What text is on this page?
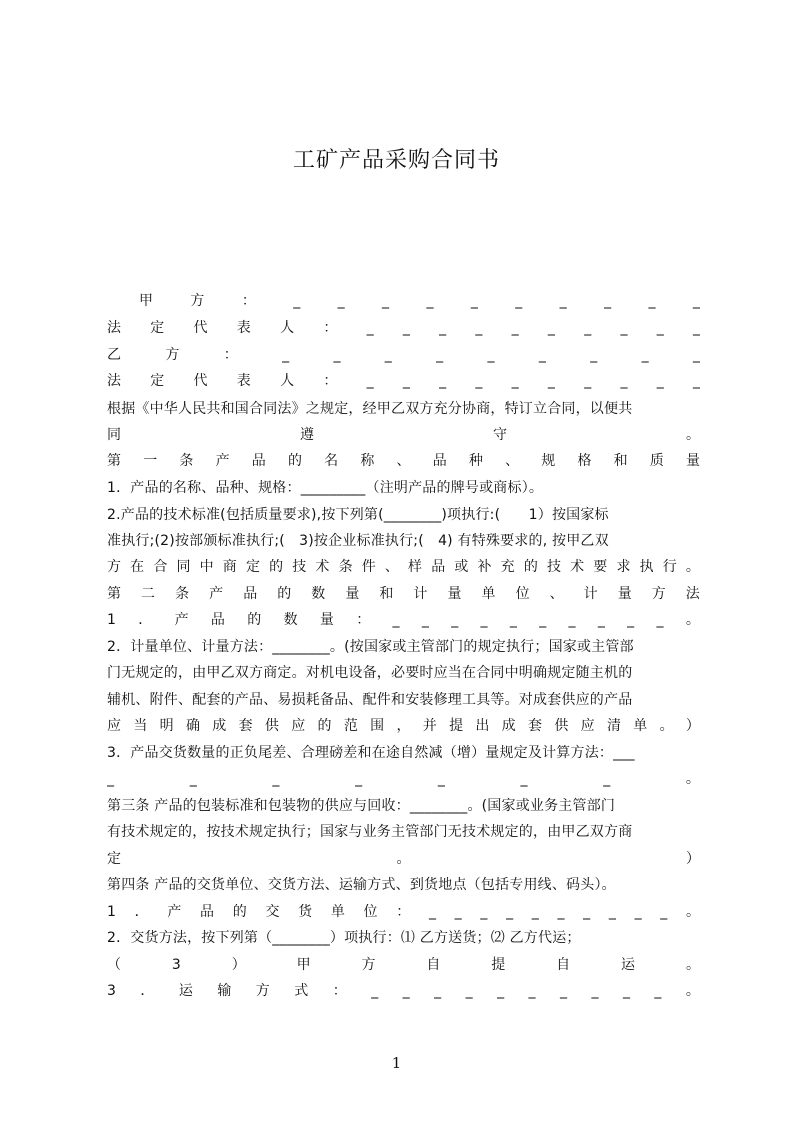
工矿产品采购合同书
甲	方	：	_	_	_	_	_	_	_	_	_	_
法 定 代 表 人 ： _ _ _ _ _ _ _ _ _ _
乙	方	：	_	_	_	_	_	_	_	_	_
法 定 代 表 人 ： _ _ _ _ _ _ _ _ _ _
根据《中华人民共和国合同法》之规定，经甲乙双方充分协商，特订立合同，以便共
同	遵	守	。
第 一 条 产 品 的 名 称 、 品 种 、 规 格 和 质 量
1．产品的名称、品种、规格：_________（注明产品的牌号或商标）。
2.产品的技术标准(包括质量要求),按下列第(________)项执行:(　　1）按国家标
准执行;(2)按部颁标准执行;(　3)按企业标准执行;(　4) 有特殊要求的, 按甲乙双
方 在 合 同 中 商 定 的 技 术 条 件 、 样 品 或 补 充 的 技 术 要 求 执 行 。
第 二 条 产 品 的 数 量 和 计 量 单 位 、 计 量 方 法
1 ． 产 品 的 数 量 ： _ _ _ _ _ _ _ _ _ _ 。
2．计量单位、计量方法：________。(按国家或主管部门的规定执行；国家或主管部
门无规定的，由甲乙双方商定。对机电设备，必要时应当在合同中明确规定随主机的
辅机、附件、配套的产品、易损耗备品、配件和安装修理工具等。对成套供应的产品
应 当 明 确 成 套 供 应 的 范 围 ， 并 提 出 成 套 供 应 清 单 。 ）
3．产品交货数量的正负尾差、合理磅差和在途自然减（增）量规定及计算方法：___
_	_	_	_	_	_	_	。
第三条 产品的包装标准和包装物的供应与回收：________。(国家或业务主管部门
有技术规定的，按技术规定执行；国家与业务主管部门无技术规定的，由甲乙双方商
定	。	）
第四条 产品的交货单位、交货方法、运输方式、到货地点（包括专用线、码头）。
1 ． 产 品 的 交 货 单 位 ： _ _ _ _ _ _ _ _ _ _ 。
2．交货方法，按下列第（________）项执行：⑴ 乙方送货；⑵ 乙方代运；
（	3	）	甲	方	自	提	自	运	。
3 ． 运 输 方 式 ： _ _ _ _ _ _ _ _ _ _ 。
1
